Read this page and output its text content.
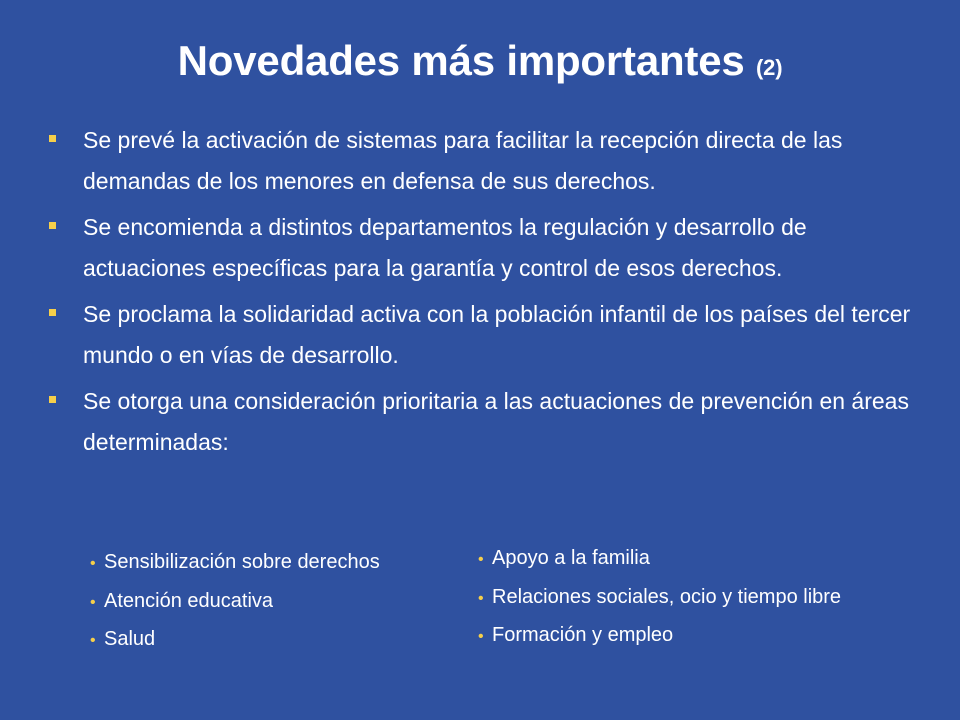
Novedades más importantes (2)
Se prevé la activación de sistemas para facilitar la recepción directa de las demandas de los menores en defensa de sus derechos.
Se encomienda a distintos departamentos la regulación y desarrollo de actuaciones específicas para la garantía y control de esos derechos.
Se proclama la solidaridad activa con la población infantil de los países del tercer mundo o en vías de desarrollo.
Se otorga una consideración prioritaria a las actuaciones de prevención en áreas determinadas:
• Sensibilización sobre derechos
• Atención educativa
• Salud
• Apoyo a la familia
• Relaciones sociales, ocio y tiempo libre
• Formación y empleo
